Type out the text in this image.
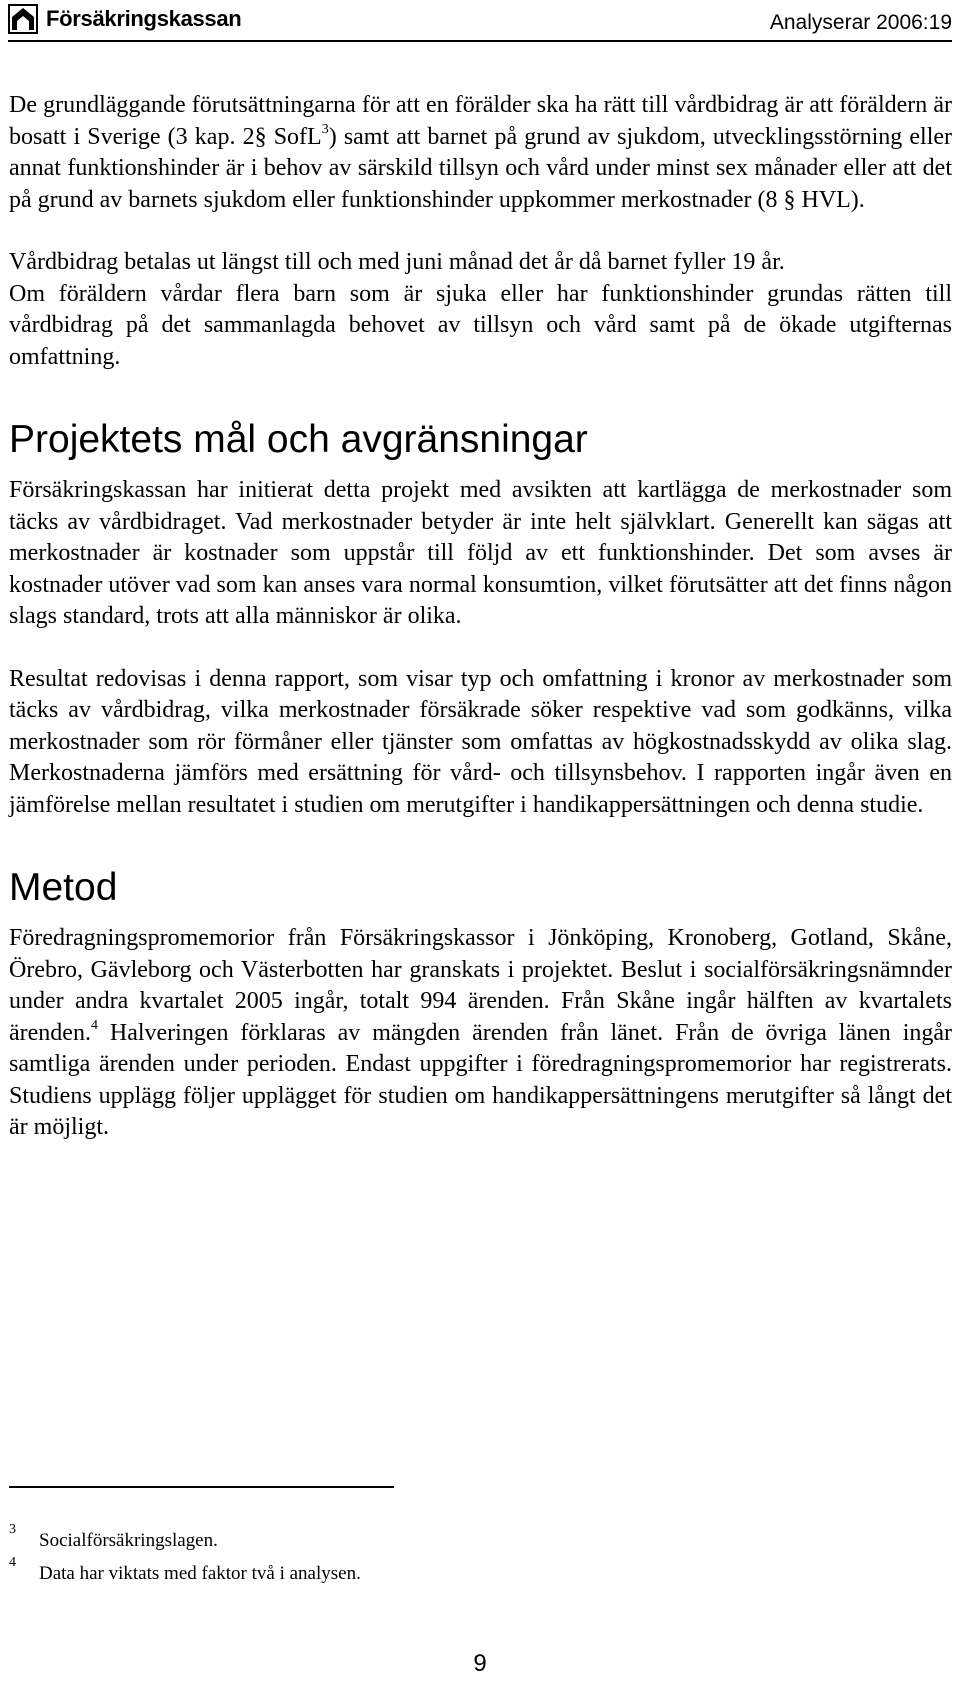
Försäkringskassan	Analyserar 2006:19

De grundläggande förutsättningarna för att en förälder ska ha rätt till vårdbidrag är att föräldern är bosatt i Sverige (3 kap. 2§ SofL$^3$) samt att barnet på grund av sjukdom, utvecklingsstörning eller annat funktionshinder är i behov av särskild tillsyn och vård under minst sex månader eller att det på grund av barnets sjukdom eller funktionshinder uppkommer merkostnader (8 § HVL).

Vårdbidrag betalas ut längst till och med juni månad det år då barnet fyller 19 år.

Om föräldern vårdar flera barn som är sjuka eller har funktionshinder grundas rätten till vårdbidrag på det sammanlagda behovet av tillsyn och vård samt på de ökade utgifternas omfattning.

Projektets mål och avgränsningar

Försäkringskassan har initierat detta projekt med avsikten att kartlägga de merkostnader som täcks av vårdbidraget. Vad merkostnader betyder är inte helt självklart. Generellt kan sägas att merkostnader är kostnader som uppstår till följd av ett funktionshinder. Det som avses är kostnader utöver vad som kan anses vara normal konsumtion, vilket förutsätter att det finns någon slags standard, trots att alla människor är olika.

Resultat redovisas i denna rapport, som visar typ och omfattning i kronor av merkostnader som täcks av vårdbidrag, vilka merkostnader försäkrade söker respektive vad som godkänns, vilka merkostnader som rör förmåner eller tjänster som omfattas av högkostnadsskydd av olika slag. Merkostnaderna jämförs med ersättning för vård- och tillsynsbehov. I rapporten ingår även en jämförelse mellan resultatet i studien om merutgifter i handikappersättningen och denna studie.

Metod

Föredragningspromemorior från Försäkringskassor i Jönköping, Kronoberg, Gotland, Skåne, Örebro, Gävleborg och Västerbotten har granskats i projektet. Beslut i socialförsäkringsnämnder under andra kvartalet 2005 ingår, totalt 994 ärenden. Från Skåne ingår hälften av kvartalets ärenden.$^4$ Halveringen förklaras av mängden ärenden från länet. Från de övriga länen ingår samtliga ärenden under perioden. Endast uppgifter i föredragningspromemorior har registrerats. Studiens upplägg följer upplägget för studien om handikappersättningens merutgifter så långt det är möjligt.

3
Socialförsäkringslagen.
4
Data har viktats med faktor två i analysen.
9
